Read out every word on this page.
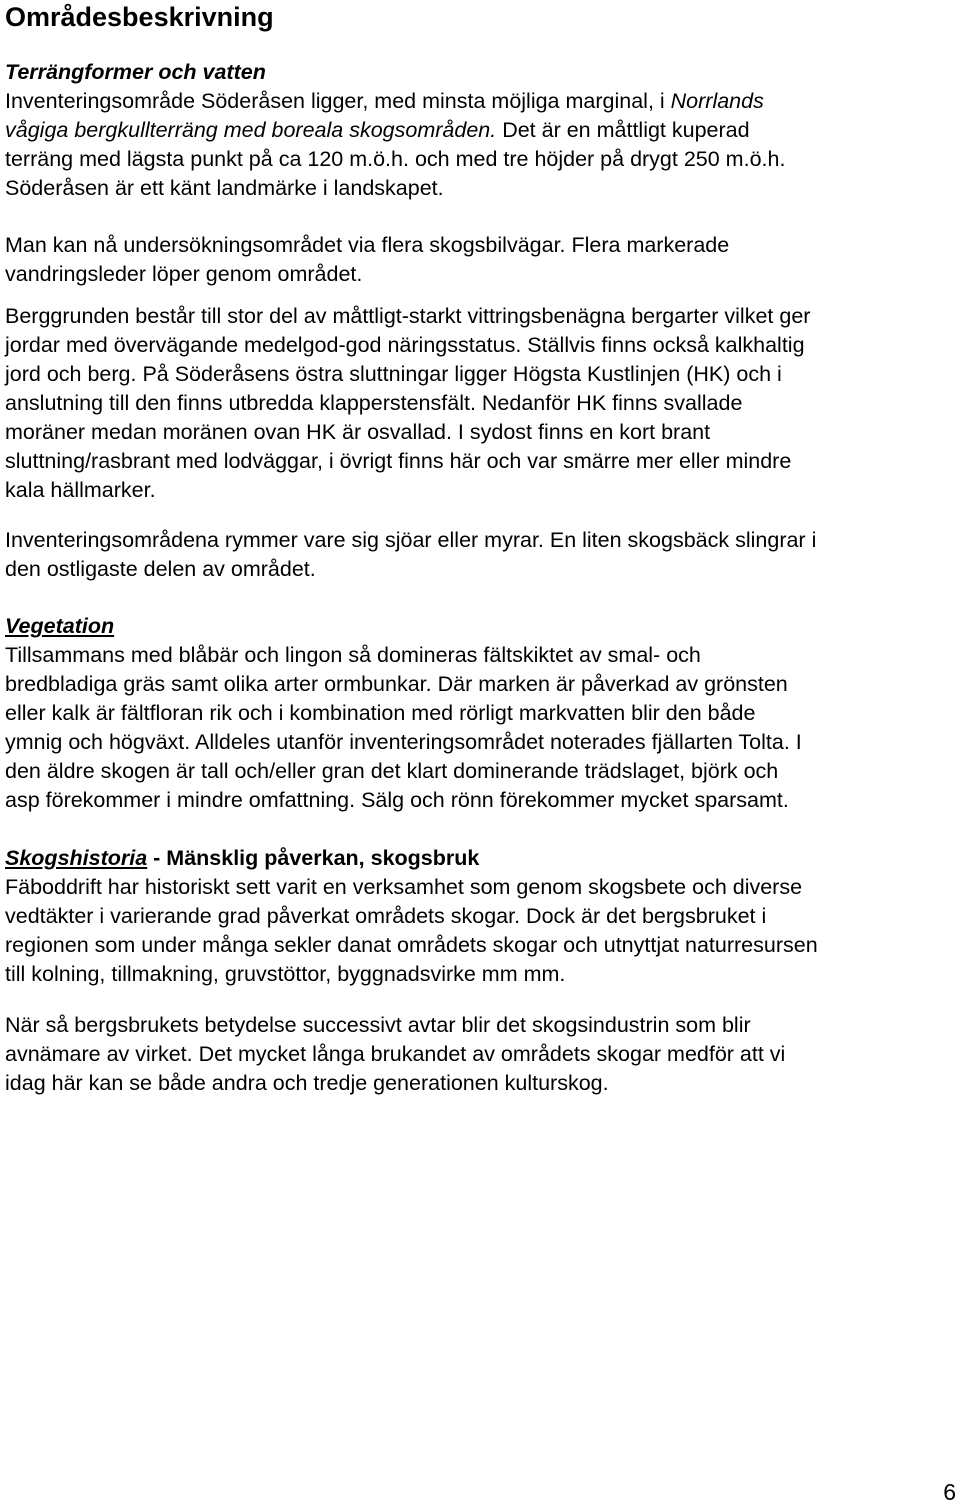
Områdesbeskrivning
Terrängformer och vatten
Inventeringsområde Söderåsen ligger, med minsta möjliga marginal, i Norrlands
vågiga bergkullterräng med boreala skogsområden. Det är en måttligt kuperad
terräng med lägsta punkt på ca 120 m.ö.h. och med tre höjder på drygt 250 m.ö.h.
Söderåsen är ett känt landmärke i landskapet.
Man kan nå undersökningsområdet via flera skogsbilvägar. Flera markerade
vandringsleder löper genom området.
Berggrunden består till stor del av måttligt-starkt vittringsbenägna bergarter vilket ger
jordar med övervägande medelgod-god näringsstatus. Ställvis finns också kalkhaltig
jord och berg. På Söderåsens östra sluttningar ligger Högsta Kustlinjen (HK) och i
anslutning till den finns utbredda klapperstensfält. Nedanför HK finns svallade
moräner medan moränen ovan HK är osvallad. I sydost finns en kort brant
sluttning/rasbrant med lodväggar, i övrigt finns här och var smärre mer eller mindre
kala hällmarker.
Inventeringsområdena rymmer vare sig sjöar eller myrar. En liten skogsbäck slingrar i
den ostligaste delen av området.
Vegetation
Tillsammans med blåbär och lingon så domineras fältskiktet av smal- och
bredbladiga gräs samt olika arter ormbunkar. Där marken är påverkad av grönsten
eller kalk är fältfloran rik och i kombination med rörligt markvatten blir den både
ymnig och högväxt. Alldeles utanför inventeringsområdet noterades fjällarten Tolta. I
den äldre skogen är tall och/eller gran det klart dominerande trädslaget, björk och
asp förekommer i mindre omfattning. Sälg och rönn förekommer mycket sparsamt.
Skogshistoria - Mänsklig påverkan, skogsbruk
Fäboddrift har historiskt sett varit en verksamhet som genom skogsbete och diverse
vedtäkter i varierande grad påverkat områdets skogar. Dock är det bergsbruket i
regionen som under många sekler danat områdets skogar och utnyttjat naturresursen
till kolning, tillmakning, gruvstöttor, byggnadsvirke mm mm.
När så bergsbrukets betydelse successivt avtar blir det skogsindustrin som blir
avnämare av virket. Det mycket långa brukandet av områdets skogar medför att vi
idag här kan se både andra och tredje generationen kulturskog.
6
